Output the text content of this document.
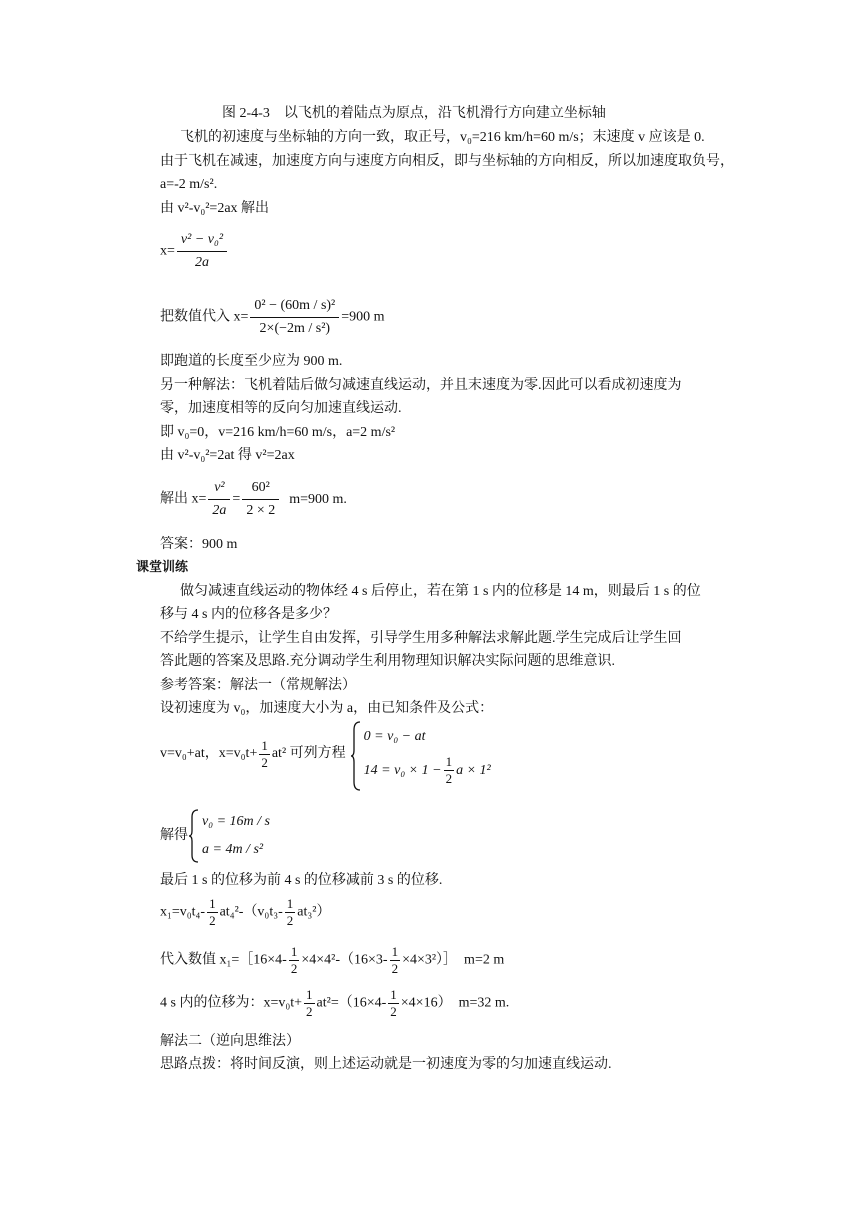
图 2-4-3　以飞机的着陆点为原点，沿飞机滑行方向建立坐标轴
飞机的初速度与坐标轴的方向一致，取正号，v₀=216 km/h=60 m/s；末速度 v 应该是 0.
由于飞机在减速，加速度方向与速度方向相反，即与坐标轴的方向相反，所以加速度取负号，
a=-2 m/s².
由 v²-v₀²=2ax 解出
$x= \frac{\text{v² − v₀²}}{2a}$
把数值代入 $x= \frac{\text{0² − (60m / s)²}}{\text{2×(−2m / s²)}} =900$ m
即跑道的长度至少应为 900 m.
另一种解法：飞机着陆后做匀减速直线运动，并且末速度为零.因此可以看成初速度为
零，加速度相等的反向匀加速直线运动.
即 v₀=0，v=216 km/h=60 m/s，a=2 m/s²
由 v²-v₀²=2at 得 v²=2ax
解出 $x= \frac{\text{v²}}{2a} = \frac{\text{60²}}{2 \times 2} m=900$ m.
答案：900 m
课堂训练
做匀减速直线运动的物体经 4 s 后停止，若在第 1 s 内的位移是 14 m，则最后 1 s 的位
移与 4 s 内的位移各是多少？
不给学生提示，让学生自由发挥，引导学生用多种解法求解此题.学生完成后让学生回
答此题的答案及思路.充分调动学生利用物理知识解决实际问题的思维意识.
参考答案：解法一（常规解法）
设初速度为 v₀，加速度大小为 a，由已知条件及公式：
v=v₀+at，$x=v_0t+ \frac{1}{2} at^2$ 可列方程
0 = v₀ − at
$14 = v_0 \times 1 - \frac{1}{2}$ a × 1²
解得
v₀ = 16m / s
a = 4m / s²
最后 1 s 的位移为前 4 s 的位移减前 3 s 的位移.
$x_1=v_0t_4- \frac{1}{2} at_4^2-(v_0t_3- \frac{1}{2} at_3^2)$
代入数值 x₁=［16×4- $\frac{1}{2} \times 4\times 4^2-(16\times 3- \frac{1}{2}$ ×4×3²）］　m=2 m
4 s 内的位移为：$x=v_0t+ \frac{1}{2} at^2=(16\times 4- \frac{1}{2} \times 4\times 16)$　m=32 m.
解法二（逆向思维法）
思路点拨：将时间反演，则上述运动就是一初速度为零的匀加速直线运动.
